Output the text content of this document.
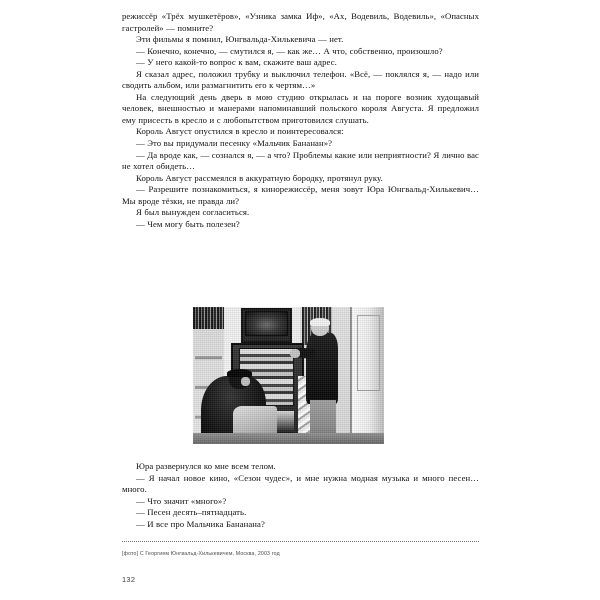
режиссёр «Трёх мушкетёров», «Узника замка Иф», «Ах, Водевиль, Водевиль», «Опасных гастролей» — помните?

Эти фильмы я помнил, Юнгвальда-Хилькевича — нет.

— Конечно, конечно, — смутился я, — как же… А что, собственно, произошло?

— У него какой-то вопрос к вам, скажите ваш адрес.

Я сказал адрес, положил трубку и выключил телефон. «Всё, — поклялся я, — надо или сводить альбом, или размагнитить его к чертям…»

На следующий день дверь в мою студию открылась и на пороге возник худощавый человек, внешностью и манерами напоминавший польского короля Августа. Я предложил ему присесть в кресло и с любопытством приготовился слушать.

Король Август опустился в кресло и поинтересовался:

— Это вы придумали песенку «Мальчик Бананан»?

— Да вроде как, — сознался я, — а что? Проблемы какие или неприятности? Я лично вас не хотел обидеть…

Король Август рассмеялся в аккуратную бородку, протянул руку.

— Разрешите познакомиться, я кинорежиссёр, меня зовут Юра Юнгвальд-Хилькевич… Мы вроде тёзки, не правда ли?

Я был вынужден согласиться.

— Чем могу быть полезен?

Юра развернулся ко мне всем телом.

— Я начал новое кино, «Сезон чудес», и мне нужна модная музыка и много песен… много.

— Что значит «много»?

— Песен десять–пятнадцать.

— И все про Мальчика Бананана?

[фото] С Георгием Юнгвальд-Хилькевичем, Москва, 2003 год
132
